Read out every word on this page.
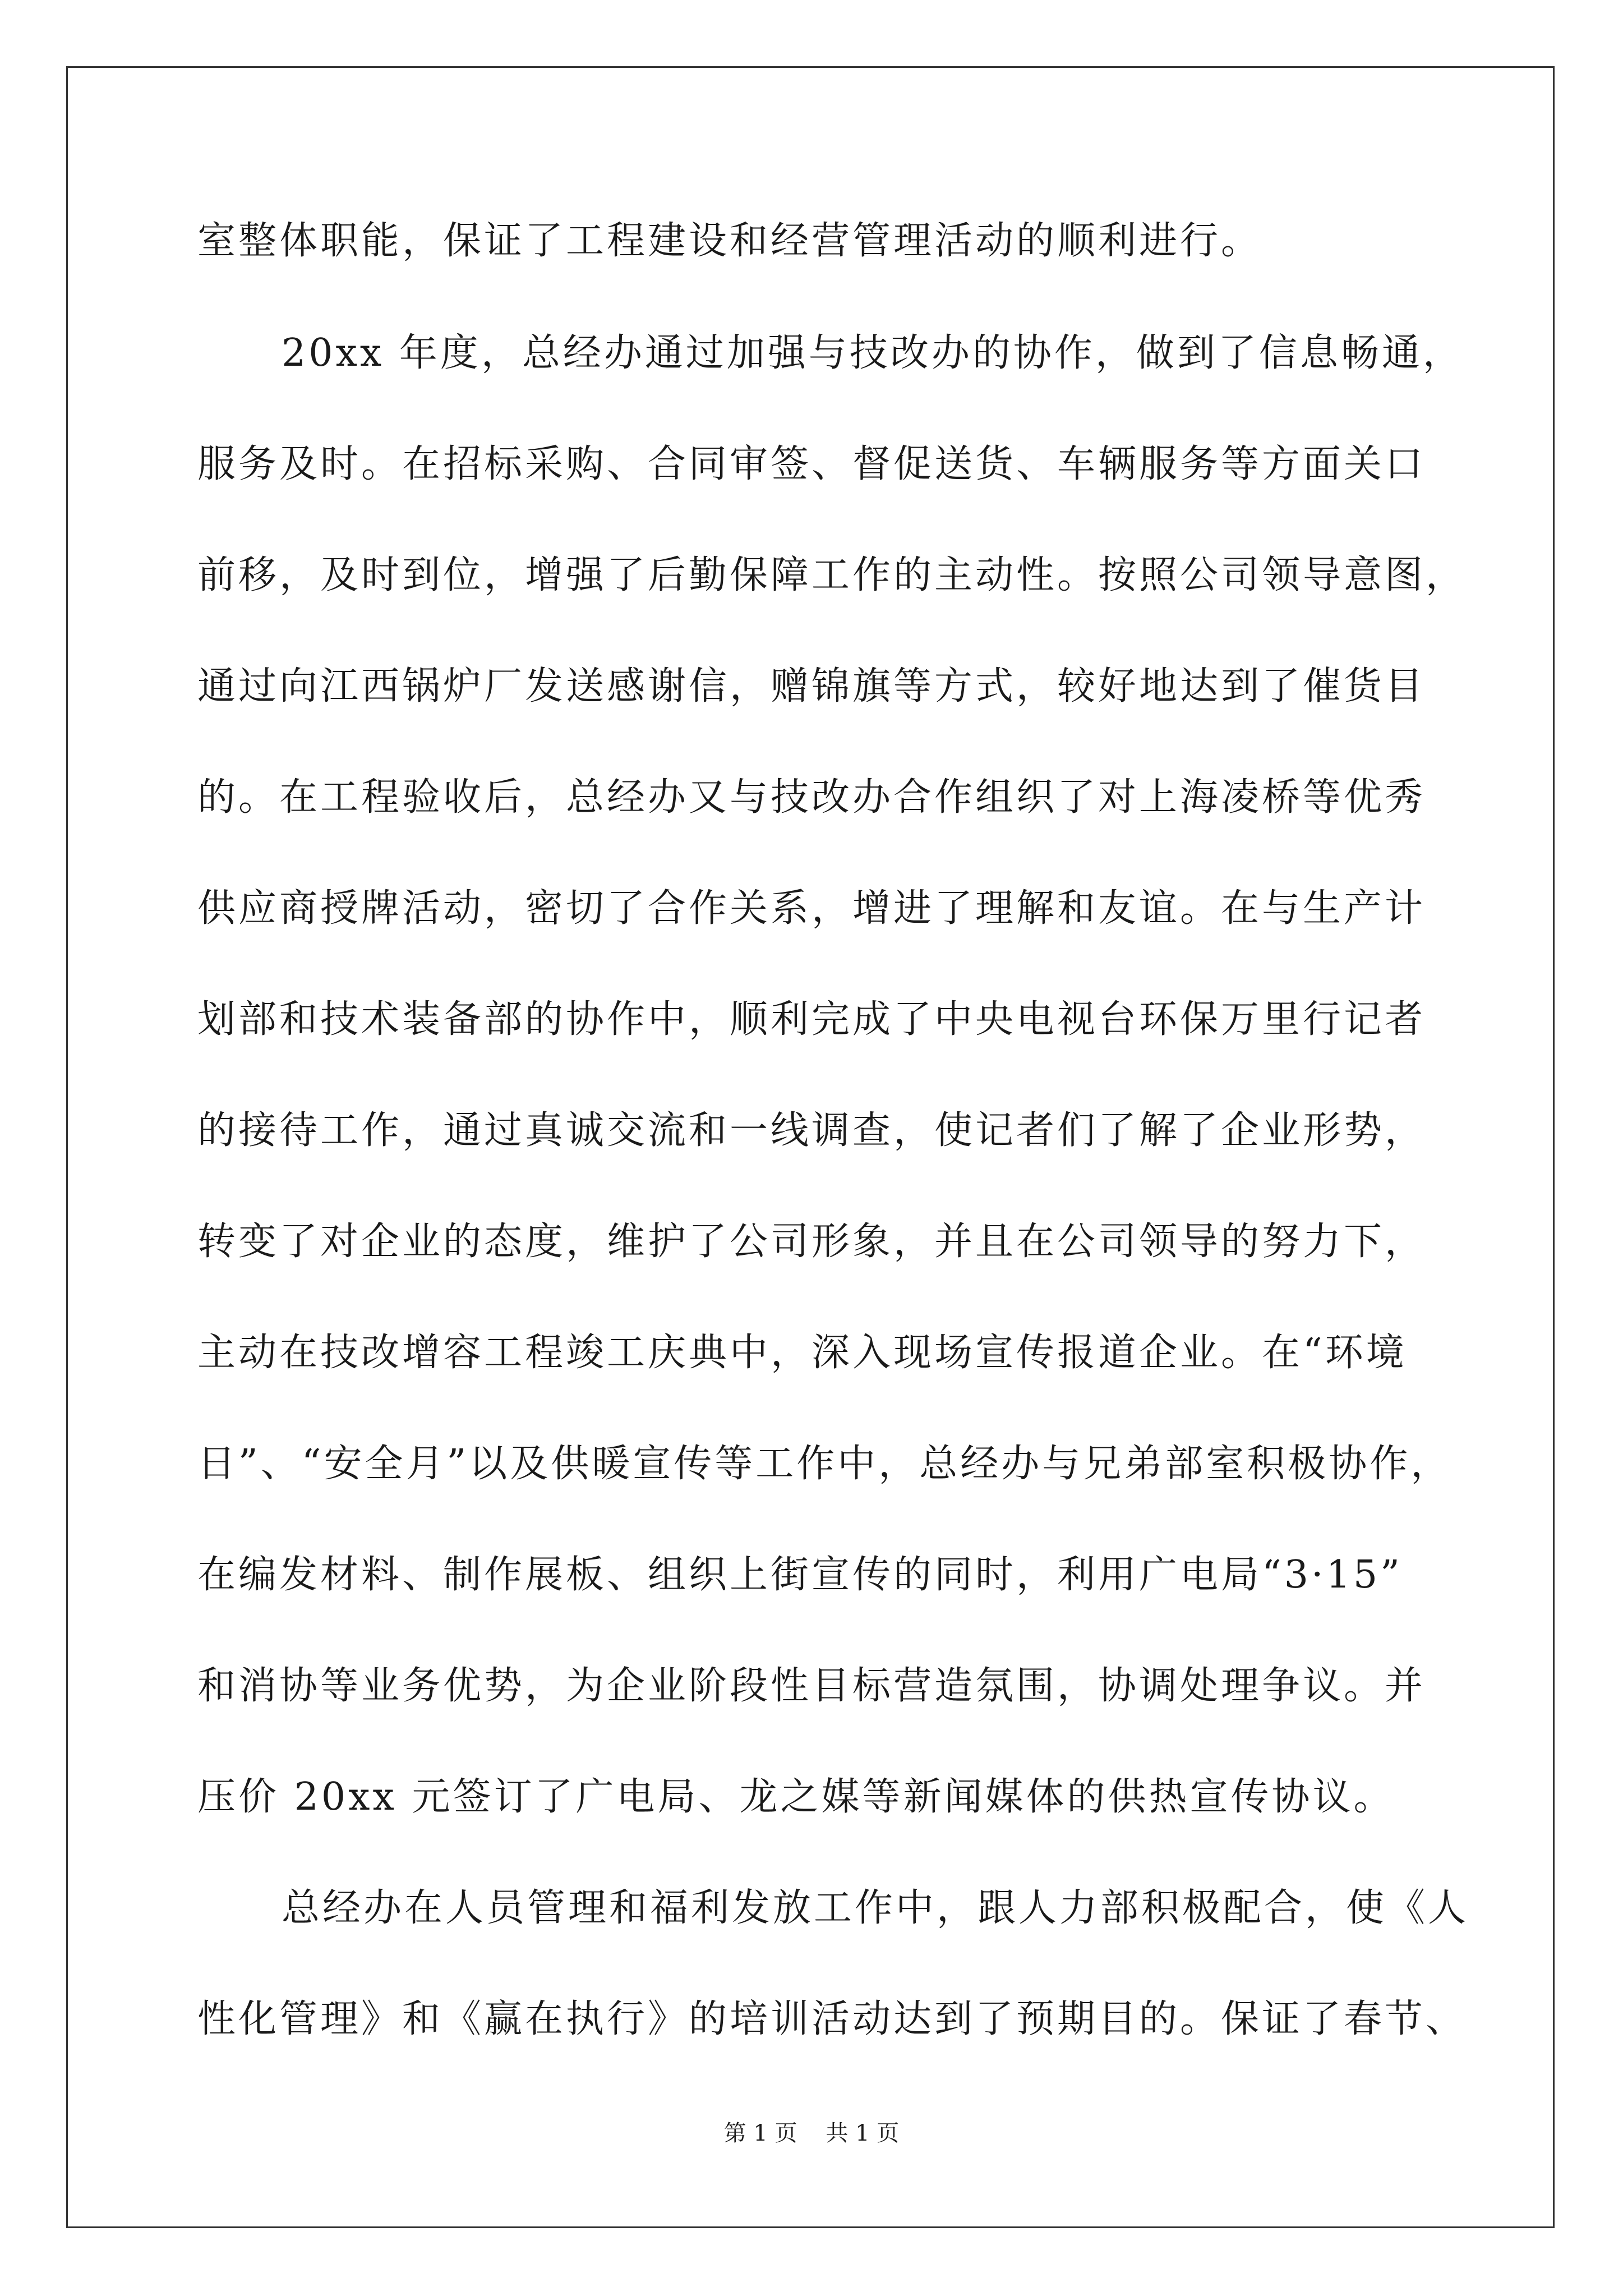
室整体职能，保证了工程建设和经营管理活动的顺利进行。
20xx 年度，总经办通过加强与技改办的协作，做到了信息畅通，
服务及时。在招标采购、合同审签、督促送货、车辆服务等方面关口
前移，及时到位，增强了后勤保障工作的主动性。按照公司领导意图，
通过向江西锅炉厂发送感谢信，赠锦旗等方式，较好地达到了催货目
的。在工程验收后，总经办又与技改办合作组织了对上海凌桥等优秀
供应商授牌活动，密切了合作关系，增进了理解和友谊。在与生产计
划部和技术装备部的协作中，顺利完成了中央电视台环保万里行记者
的接待工作，通过真诚交流和一线调查，使记者们了解了企业形势，
转变了对企业的态度，维护了公司形象，并且在公司领导的努力下，
主动在技改增容工程竣工庆典中，深入现场宣传报道企业。在“环境
日”、“安全月”以及供暖宣传等工作中，总经办与兄弟部室积极协作，
在编发材料、制作展板、组织上街宣传的同时，利用广电局“3·15”
和消协等业务优势，为企业阶段性目标营造氛围，协调处理争议。并
压价 20xx 元签订了广电局、龙之媒等新闻媒体的供热宣传协议。
总经办在人员管理和福利发放工作中，跟人力部积极配合，使《人
性化管理》和《赢在执行》的培训活动达到了预期目的。保证了春节、
第 1 页    共 1 页
